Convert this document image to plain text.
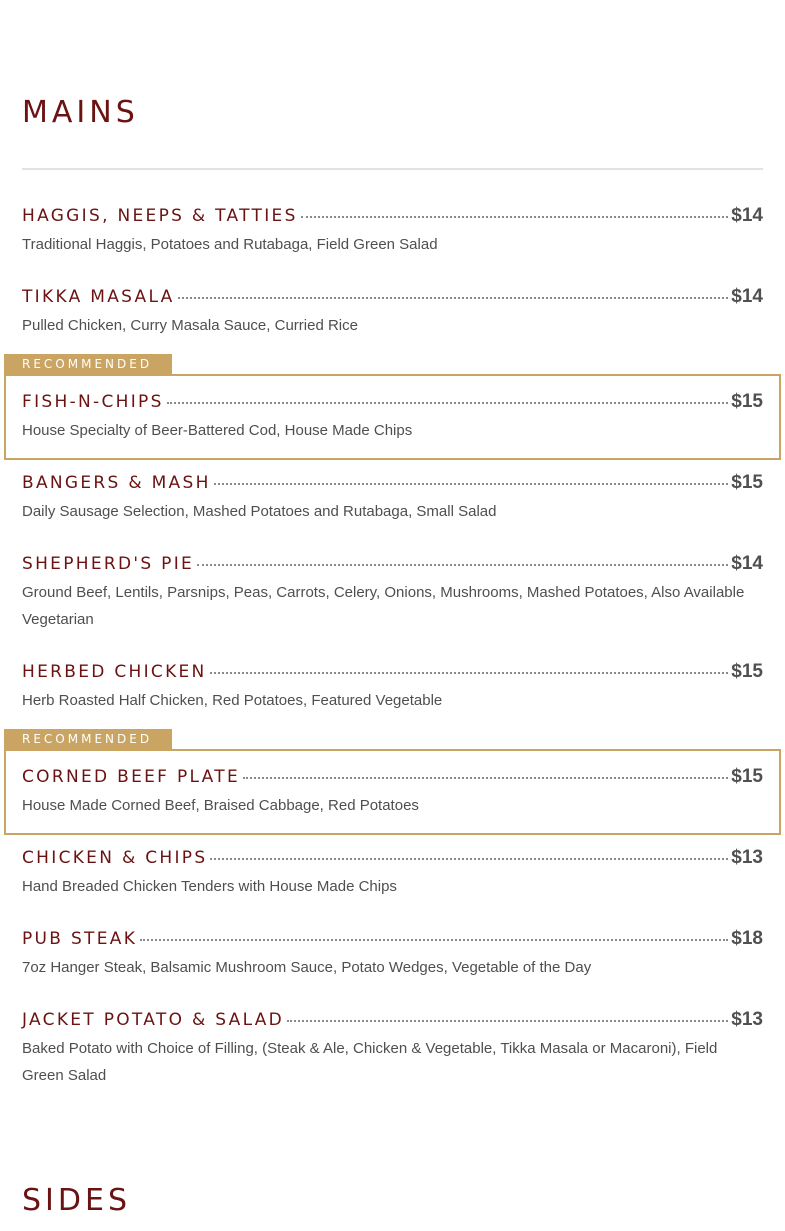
MAINS
RECOMMENDED
RECOMMENDED
HAGGIS, NEEPS & TATTIES	$14
Traditional Haggis, Potatoes and Rutabaga, Field Green Salad
TIKKA MASALA	$14
Pulled Chicken, Curry Masala Sauce, Curried Rice
FISH-N-CHIPS	$15
House Specialty of Beer-Battered Cod, House Made Chips
BANGERS & MASH	$15
Daily Sausage Selection, Mashed Potatoes and Rutabaga, Small Salad
SHEPHERD'S PIE	$14
Ground Beef, Lentils, Parsnips, Peas, Carrots, Celery, Onions, Mushrooms, Mashed Potatoes, Also Available Vegetarian
HERBED CHICKEN	$15
Herb Roasted Half Chicken, Red Potatoes, Featured Vegetable
CORNED BEEF PLATE	$15
House Made Corned Beef, Braised Cabbage, Red Potatoes
CHICKEN & CHIPS	$13
Hand Breaded Chicken Tenders with House Made Chips
PUB STEAK	$18
7oz Hanger Steak, Balsamic Mushroom Sauce, Potato Wedges, Vegetable of the Day
JACKET POTATO & SALAD	$13
Baked Potato with Choice of Filling, (Steak & Ale, Chicken & Vegetable, Tikka Masala or Macaroni), Field Green Salad
SIDES
